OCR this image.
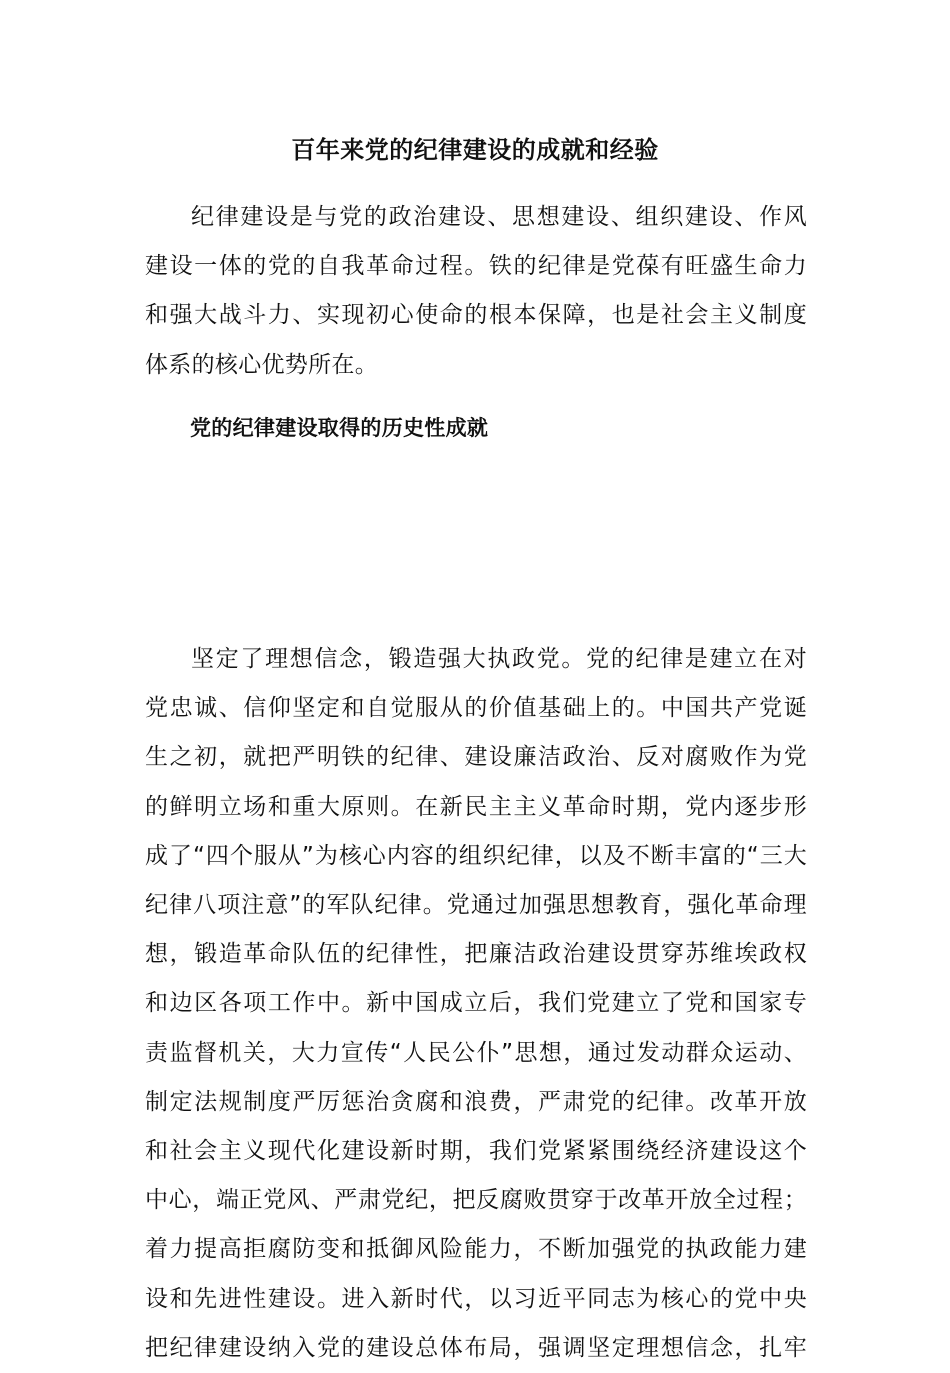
百年来党的纪律建设的成就和经验
纪律建设是与党的政治建设、思想建设、组织建设、作风
建设一体的党的自我革命过程。铁的纪律是党葆有旺盛生命力
和强大战斗力、实现初心使命的根本保障，也是社会主义制度
体系的核心优势所在。
党的纪律建设取得的历史性成就
坚定了理想信念，锻造强大执政党。党的纪律是建立在对
党忠诚、信仰坚定和自觉服从的价值基础上的。中国共产党诞
生之初，就把严明铁的纪律、建设廉洁政治、反对腐败作为党
的鲜明立场和重大原则。在新民主主义革命时期，党内逐步形
成了“四个服从”为核心内容的组织纪律，以及不断丰富的“三大
纪律八项注意”的军队纪律。党通过加强思想教育，强化革命理
想，锻造革命队伍的纪律性，把廉洁政治建设贯穿苏维埃政权
和边区各项工作中。新中国成立后，我们党建立了党和国家专
责监督机关，大力宣传“人民公仆”思想，通过发动群众运动、
制定法规制度严厉惩治贪腐和浪费，严肃党的纪律。改革开放
和社会主义现代化建设新时期，我们党紧紧围绕经济建设这个
中心，端正党风、严肃党纪，把反腐败贯穿于改革开放全过程；
着力提高拒腐防变和抵御风险能力，不断加强党的执政能力建
设和先进性建设。进入新时代，以习近平同志为核心的党中央
把纪律建设纳入党的建设总体布局，强调坚定理想信念，扎牢
